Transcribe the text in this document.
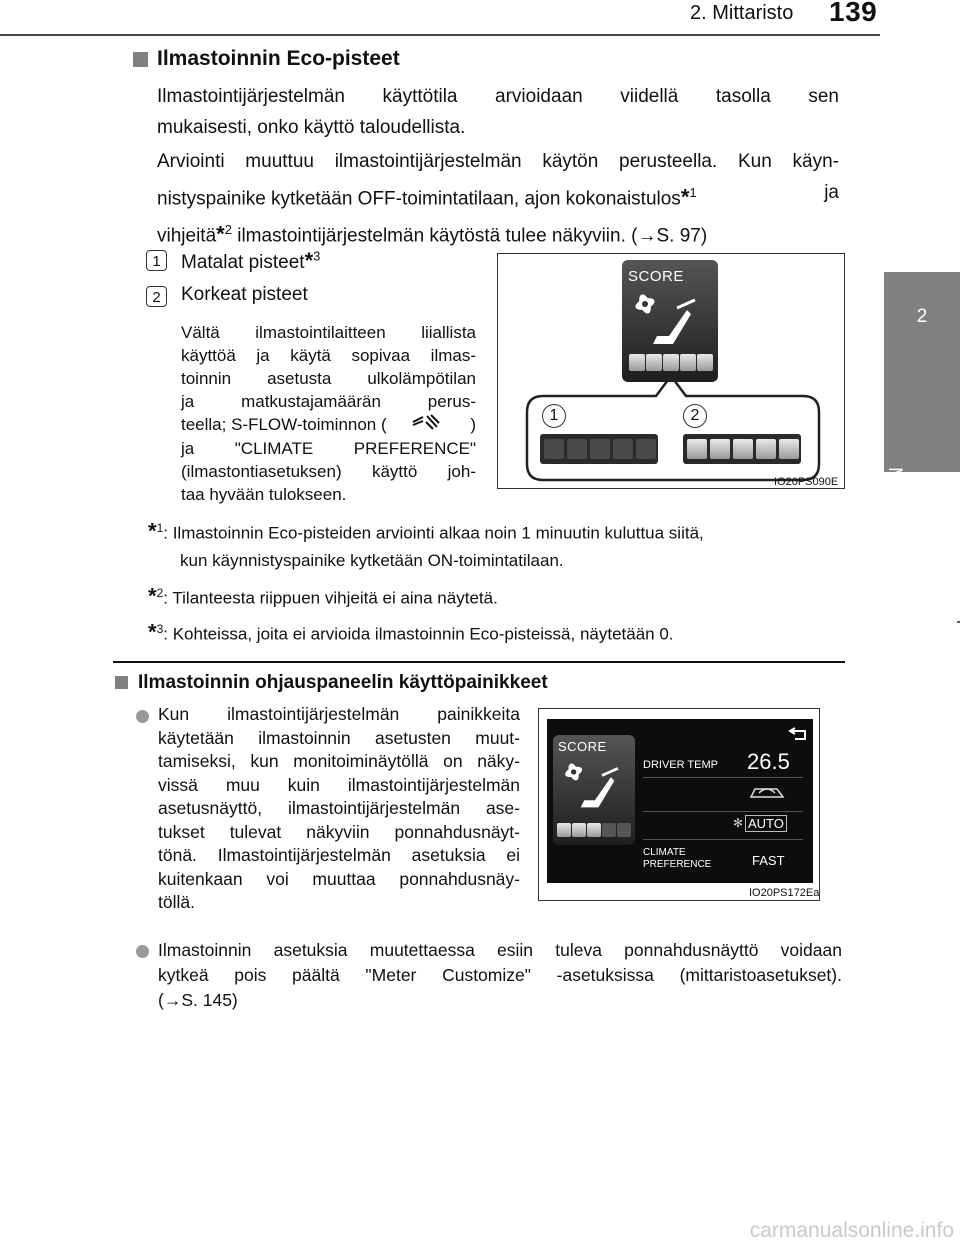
2. Mittaristo 139
2
Mittaristo
Ilmastoinnin Eco-pisteet
Ilmastointijärjestelmän käyttötila arvioidaan viidellä tasolla sen
mukaisesti, onko käyttö taloudellista.
Arviointi muuttuu ilmastointijärjestelmän käytön perusteella. Kun käyn-
nistyspainike kytketään OFF-toimintatilaan, ajon kokonaistulos*$^1$	ja
vihjeitä*$^2$ ilmastointijärjestelmän käytöstä tulee näkyviin. (→S. 97)
1	Matalat pisteet*$^3$
2	Korkeat pisteet
Vältä ilmastointilaitteen liiallista
käyttöä ja käytä sopivaa ilmas-
toinnin asetusta ulkolämpötilan
ja matkustajamäärän perus-
teella; S-FLOW-toiminnon (	)
ja "CLIMATE PREFERENCE"
(ilmastontiasetuksen) käyttö joh-
taa hyvään tulokseen.
SCORE
1	2
IO20PS090E
*$^1$: Ilmastoinnin Eco-pisteiden arviointi alkaa noin 1 minuutin kuluttua siitä,
kun käynnistyspainike kytketään ON-toimintatilaan.
*$^2$: Tilanteesta riippuen vihjeitä ei aina näytetä.
*$^3$: Kohteissa, joita ei arvioida ilmastoinnin Eco-pisteissä, näytetään 0.
Ilmastoinnin ohjauspaneelin käyttöpainikkeet
Kun ilmastointijärjestelmän painikkeita
käytetään ilmastoinnin asetusten muut-
tamiseksi, kun monitoiminäytöllä on näky-
vissä muu kuin ilmastointijärjestelmän
asetusnäyttö, ilmastointijärjestelmän ase-
tukset tulevat näkyviin ponnahdusnäyt-
tönä. Ilmastointijärjestelmän asetuksia ei
kuitenkaan voi muuttaa ponnahdusnäy-
töllä.
SCORE
DRIVER TEMP 26.5
✻ AUTO
CLIMATE
PREFERENCE	FAST
IO20PS172Ea
Ilmastoinnin asetuksia muutettaessa esiin tuleva ponnahdusnäyttö voidaan
kytkeä pois päältä "Meter Customize" -asetuksissa (mittaristoasetukset).
(→S. 145)
carmanualsonline.info
